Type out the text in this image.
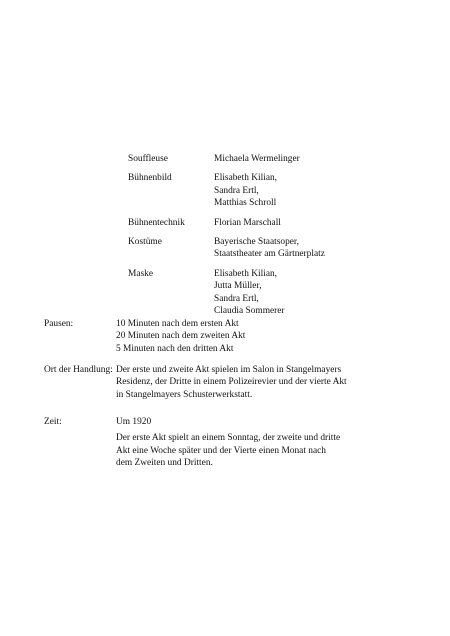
Souffleuse	Michaela Wermelinger
Bühnenbild	Elisabeth Kilian,
Sandra Ertl,
Matthias Schroll
Bühnentechnik	Florian Marschall
Kostüme	Bayerische Staatsoper,
Staatstheater am Gärtnerplatz
Maske	Elisabeth Kilian,
Jutta Müller,
Sandra Ertl,
Claudia Sommerer
Pausen:	10 Minuten nach dem ersten Akt
20 Minuten nach dem zweiten Akt
5 Minuten nach den dritten Akt
Ort der Handlung: Der erste und zweite Akt spielen im Salon in Stangelmayers
Residenz, der Dritte in einem Polizeirevier und der vierte Akt
in Stangelmayers Schusterwerkstatt.
Zeit:	Um 1920
Der erste Akt spielt an einem Sonntag, der zweite und dritte
Akt eine Woche später und der Vierte einen Monat nach
dem Zweiten und Dritten.
